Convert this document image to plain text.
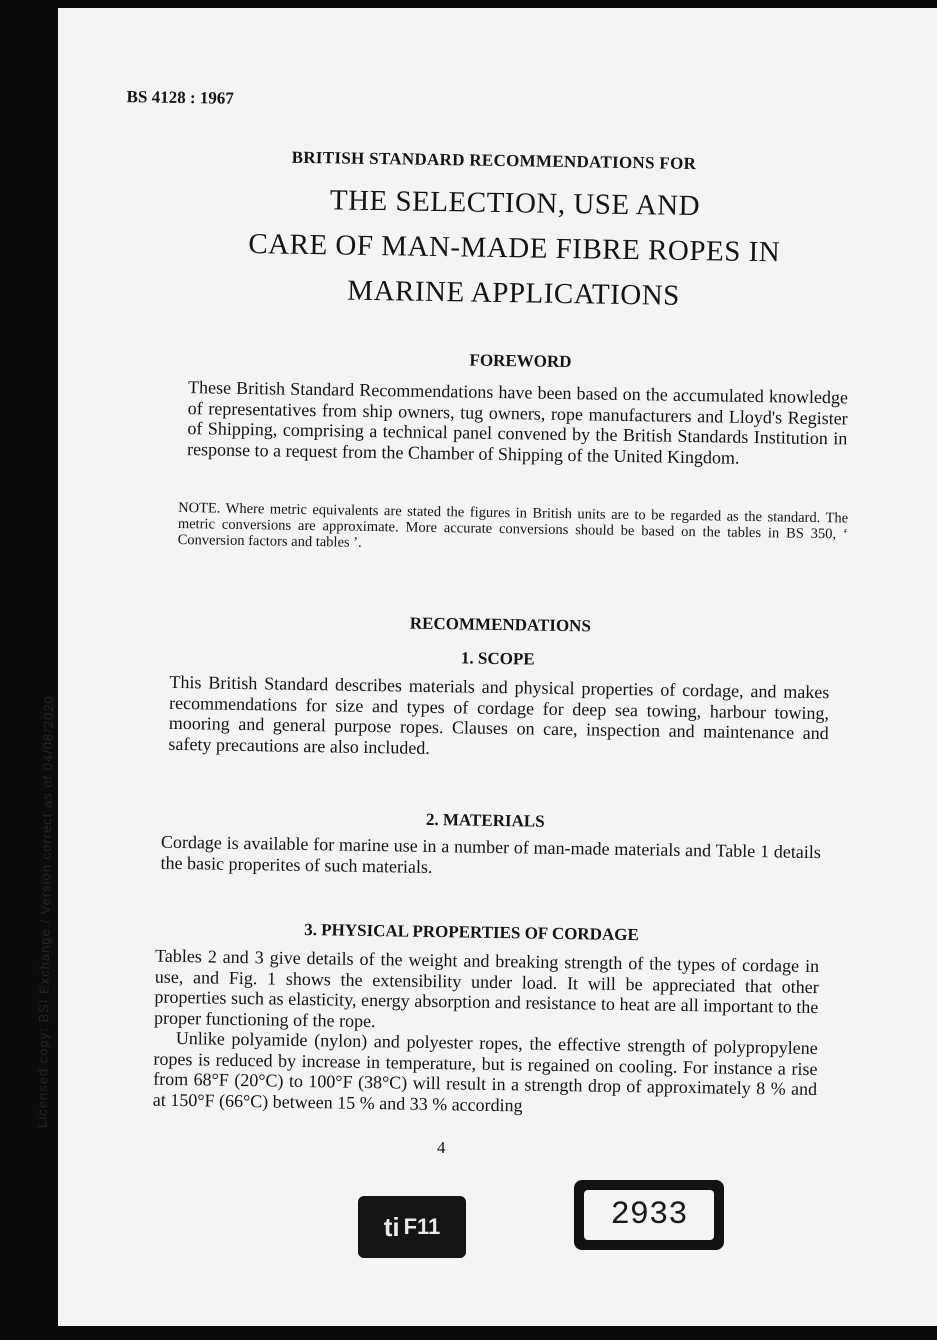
Licensed copy: BSI Exchange / Version correct as of 04/08/2020
BS 4128 : 1967
BRITISH STANDARD RECOMMENDATIONS FOR
THE SELECTION, USE AND
CARE OF MAN-MADE FIBRE ROPES IN
MARINE APPLICATIONS
FOREWORD
These British Standard Recommendations have been based on the accumulated knowledge of representatives from ship owners, tug owners, rope manufacturers and Lloyd's Register of Shipping, comprising a technical panel convened by the British Standards Institution in response to a request from the Chamber of Shipping of the United Kingdom.
NOTE. Where metric equivalents are stated the figures in British units are to be regarded as the standard. The metric conversions are approximate. More accurate conversions should be based on the tables in BS 350, ‘ Conversion factors and tables ’.
RECOMMENDATIONS
1. SCOPE
This British Standard describes materials and physical properties of cordage, and makes recommendations for size and types of cordage for deep sea towing, harbour towing, mooring and general purpose ropes. Clauses on care, inspection and maintenance and safety precautions are also included.
2. MATERIALS
Cordage is available for marine use in a number of man-made materials and Table 1 details the basic properites of such materials.
3. PHYSICAL PROPERTIES OF CORDAGE

Tables 2 and 3 give details of the weight and breaking strength of the types of cordage in use, and Fig. 1 shows the extensibility under load. It will be appreciated that other properties such as elasticity, energy absorption and resistance to heat are all important to the proper functioning of the rope.

Unlike polyamide (nylon) and polyester ropes, the effective strength of polypropylene ropes is reduced by increase in temperature, but is regained on cooling. For instance a rise from 68°F (20°C) to 100°F (38°C) will result in a strength drop of approximately 8 % and at 150°F (66°C) between 15 % and 33 % according

4
ti F11	2933
